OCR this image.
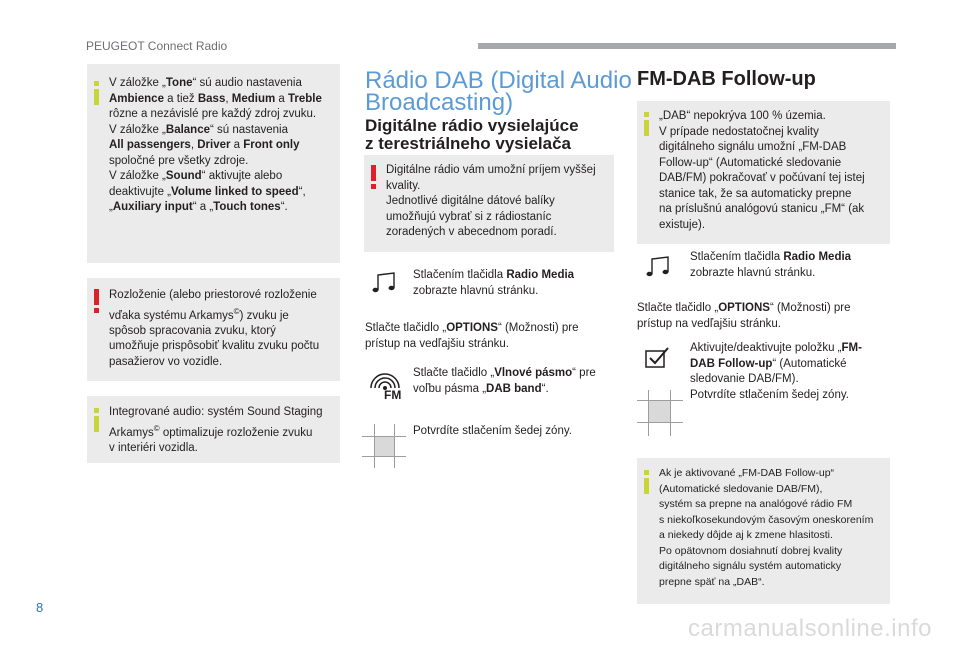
PEUGEOT Connect Radio
V záložke „Tone“ sú audio nastavenia
Ambience a tiež Bass, Medium a Treble
rôzne a nezávislé pre každý zdroj zvuku.
V záložke „Balance“ sú nastavenia
All passengers, Driver a Front only
spoločné pre všetky zdroje.
V záložke „Sound“ aktivujte alebo
deaktivujte „Volume linked to speed“,
„Auxiliary input“ a „Touch tones“.
Rozloženie (alebo priestorové rozloženie
vďaka systému Arkamys©) zvuku je
spôsob spracovania zvuku, ktorý
umožňuje prispôsobiť kvalitu zvuku počtu
pasažierov vo vozidle.
Integrované audio: systém Sound Staging
Arkamys© optimalizuje rozloženie zvuku
v interiéri vozidla.
Rádio DAB (Digital Audio
Broadcasting)
Digitálne rádio vysielajúce
z terestriálneho vysielača
Digitálne rádio vám umožní príjem vyššej
kvality.
Jednotlivé digitálne dátové balíky
umožňujú vybrať si z rádiostaníc
zoradených v abecednom poradí.
Stlačením tlačidla Radio Media
zobrazte hlavnú stránku.
Stlačte tlačidlo „OPTIONS“ (Možnosti) pre
prístup na vedľajšiu stránku.
FM
Stlačte tlačidlo „Vlnové pásmo“ pre
voľbu pásma „DAB band“.
Potvrdíte stlačením šedej zóny.
FM-DAB Follow-up
„DAB“ nepokrýva 100 % územia.
V prípade nedostatočnej kvality
digitálneho signálu umožní „FM-DAB
Follow-up“ (Automatické sledovanie
DAB/FM) pokračovať v počúvaní tej istej
stanice tak, že sa automaticky prepne
na príslušnú analógovú stanicu „FM“ (ak
existuje).
Stlačením tlačidla Radio Media
zobrazte hlavnú stránku.
Stlačte tlačidlo „OPTIONS“ (Možnosti) pre
prístup na vedľajšiu stránku.
Aktivujte/deaktivujte položku „FM-
DAB Follow-up“ (Automatické
sledovanie DAB/FM).
Potvrdíte stlačením šedej zóny.
Ak je aktivované „FM-DAB Follow-up“
(Automatické sledovanie DAB/FM),
systém sa prepne na analógové rádio FM
s niekoľkosekundovým časovým oneskorením
a niekedy dôjde aj k zmene hlasitosti.
Po opätovnom dosiahnutí dobrej kvality
digitálneho signálu systém automaticky
prepne späť na „DAB“.
8
carmanualsonline.info
